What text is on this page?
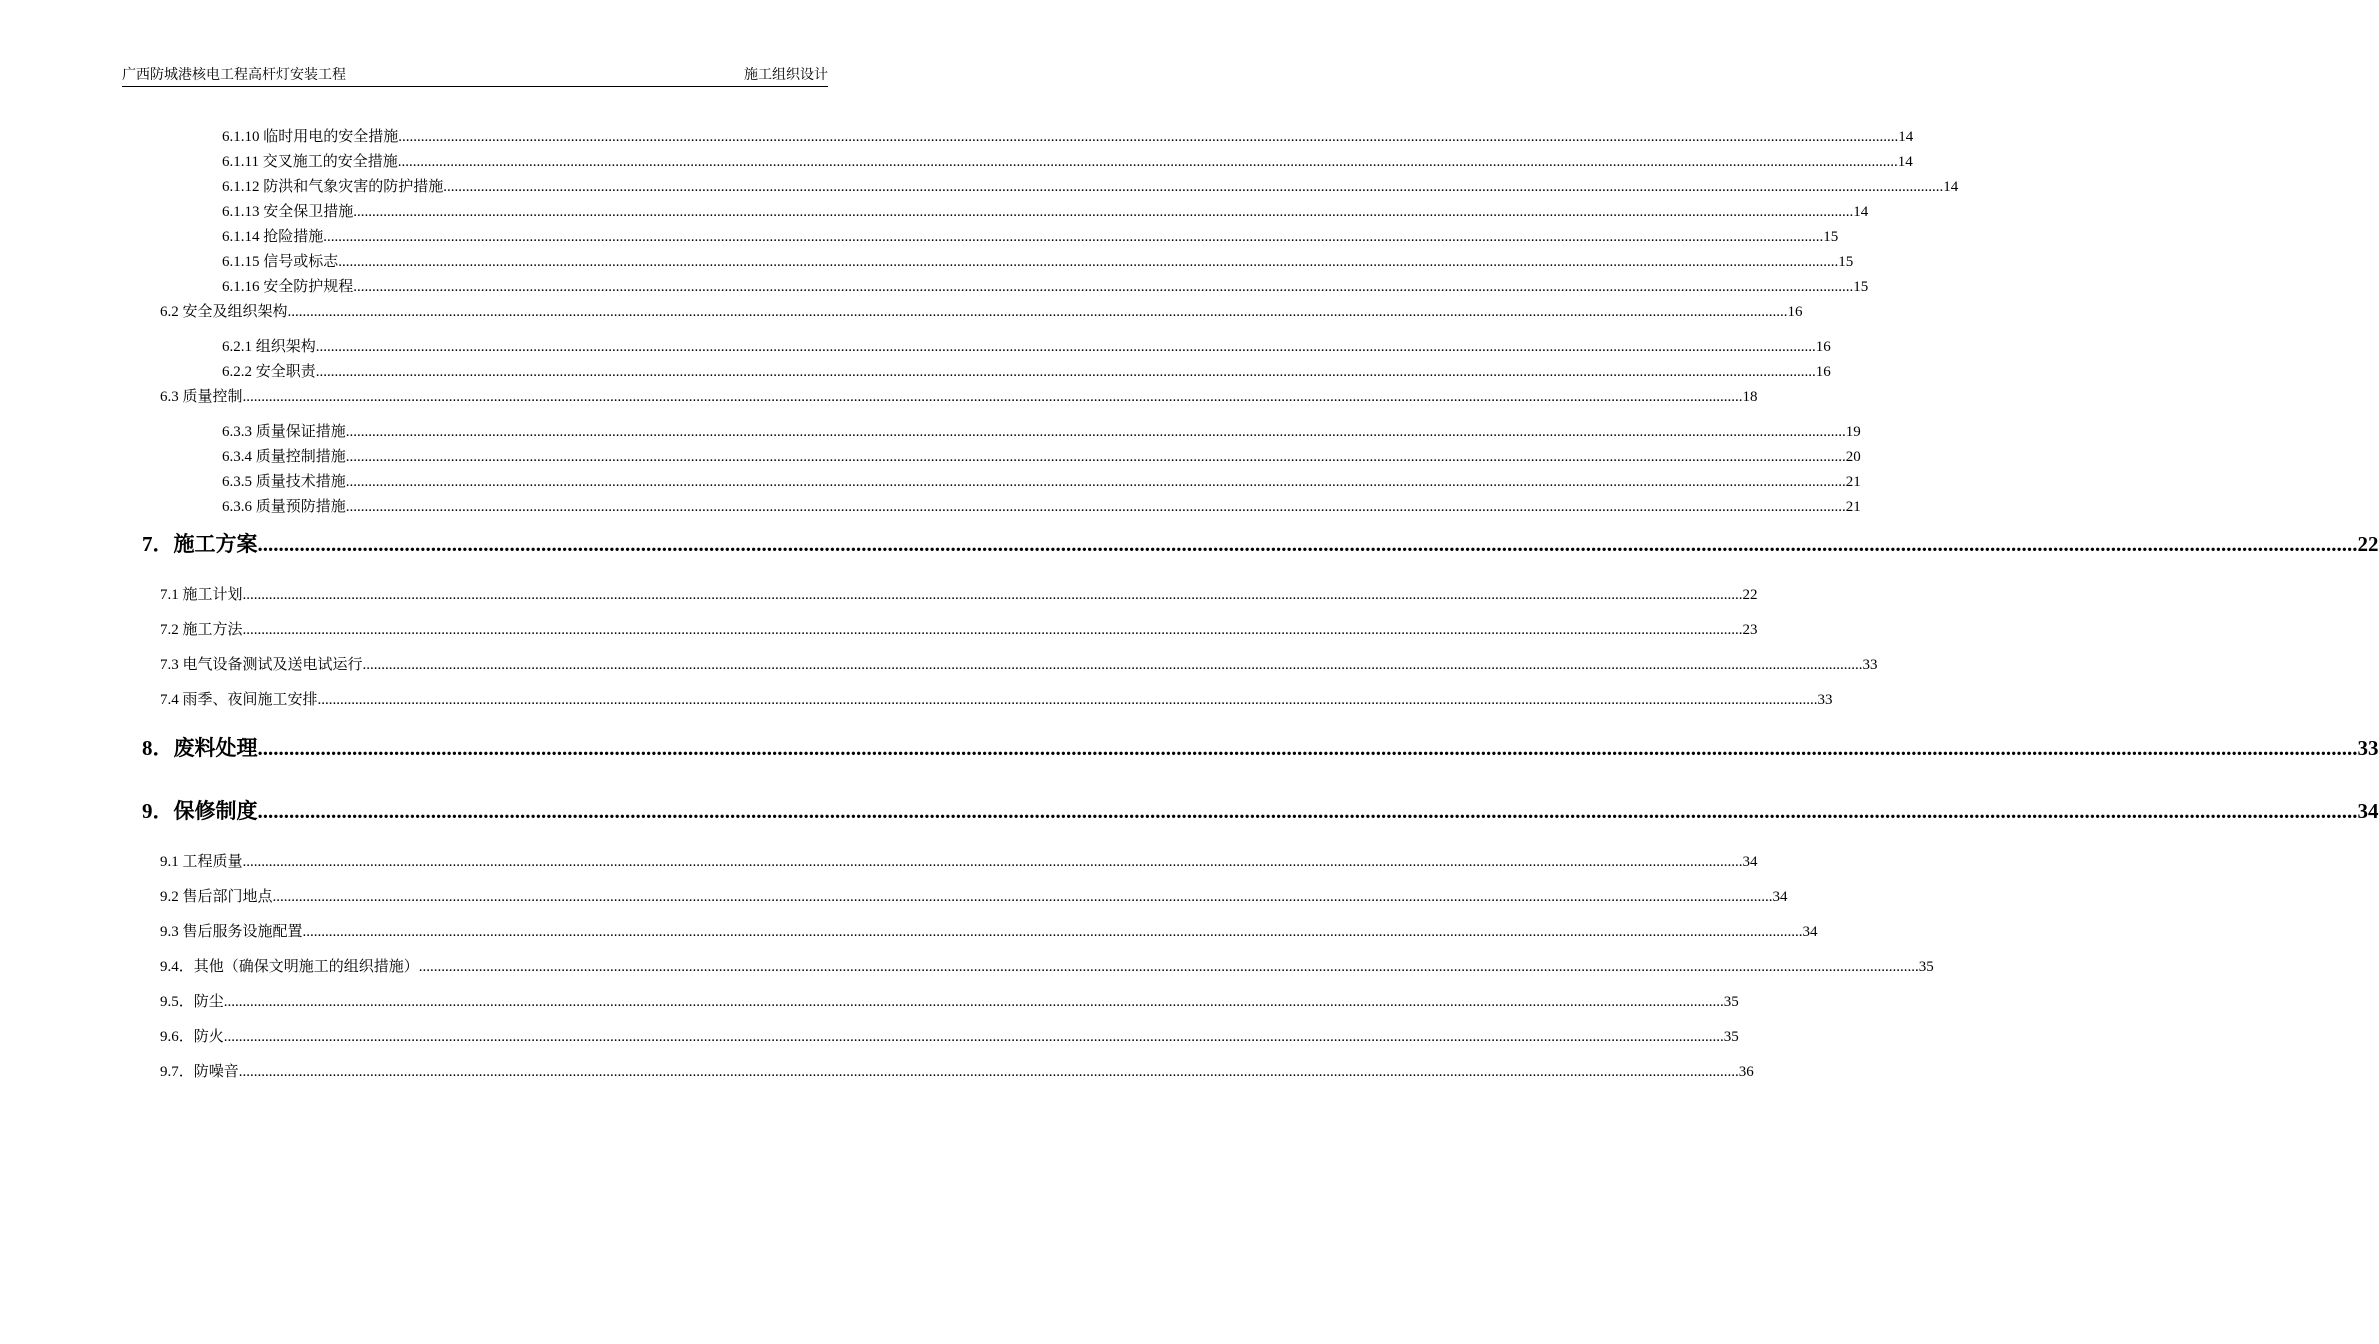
广西防城港核电工程高杆灯安装工程	施工组织设计
6.1.10 临时用电的安全措施 ................................................................................................................................................................................................................................................................................................................................................................................................................ 14
6.1.11 交叉施工的安全措施 ................................................................................................................................................................................................................................................................................................................................................................................................................ 14
6.1.12 防洪和气象灾害的防护措施 ................................................................................................................................................................................................................................................................................................................................................................................................................ 14
6.1.13 安全保卫措施 ................................................................................................................................................................................................................................................................................................................................................................................................................ 14
6.1.14 抢险措施 ................................................................................................................................................................................................................................................................................................................................................................................................................ 15
6.1.15 信号或标志 ................................................................................................................................................................................................................................................................................................................................................................................................................ 15
6.1.16 安全防护规程 ................................................................................................................................................................................................................................................................................................................................................................................................................ 15
6.2 安全及组织架构 ................................................................................................................................................................................................................................................................................................................................................................................................................ 16
6.2.1 组织架构 ................................................................................................................................................................................................................................................................................................................................................................................................................ 16
6.2.2 安全职责 ................................................................................................................................................................................................................................................................................................................................................................................................................ 16
6.3 质量控制 ................................................................................................................................................................................................................................................................................................................................................................................................................ 18
6.3.3 质量保证措施 ................................................................................................................................................................................................................................................................................................................................................................................................................ 19
6.3.4 质量控制措施 ................................................................................................................................................................................................................................................................................................................................................................................................................ 20
6.3.5 质量技术措施 ................................................................................................................................................................................................................................................................................................................................................................................................................ 21
6.3.6 质量预防措施 ................................................................................................................................................................................................................................................................................................................................................................................................................ 21
7．施工方案 ................................................................................................................................................................................................................................................................................................................................................................................................................ 22
7.1 施工计划 ................................................................................................................................................................................................................................................................................................................................................................................................................ 22
7.2 施工方法 ................................................................................................................................................................................................................................................................................................................................................................................................................ 23
7.3 电气设备测试及送电试运行 ................................................................................................................................................................................................................................................................................................................................................................................................................ 33
7.4 雨季、夜间施工安排 ................................................................................................................................................................................................................................................................................................................................................................................................................ 33
8．废料处理 ................................................................................................................................................................................................................................................................................................................................................................................................................ 33
9．保修制度 ................................................................................................................................................................................................................................................................................................................................................................................................................ 34
9.1 工程质量 ................................................................................................................................................................................................................................................................................................................................................................................................................ 34
9.2 售后部门地点 ................................................................................................................................................................................................................................................................................................................................................................................................................ 34
9.3 售后服务设施配置 ................................................................................................................................................................................................................................................................................................................................................................................................................ 34
9.4．其他（确保文明施工的组织措施） ................................................................................................................................................................................................................................................................................................................................................................................................................ 35
9.5．防尘 ................................................................................................................................................................................................................................................................................................................................................................................................................ 35
9.6．防火 ................................................................................................................................................................................................................................................................................................................................................................................................................ 35
9.7．防噪音 ................................................................................................................................................................................................................................................................................................................................................................................................................ 36
